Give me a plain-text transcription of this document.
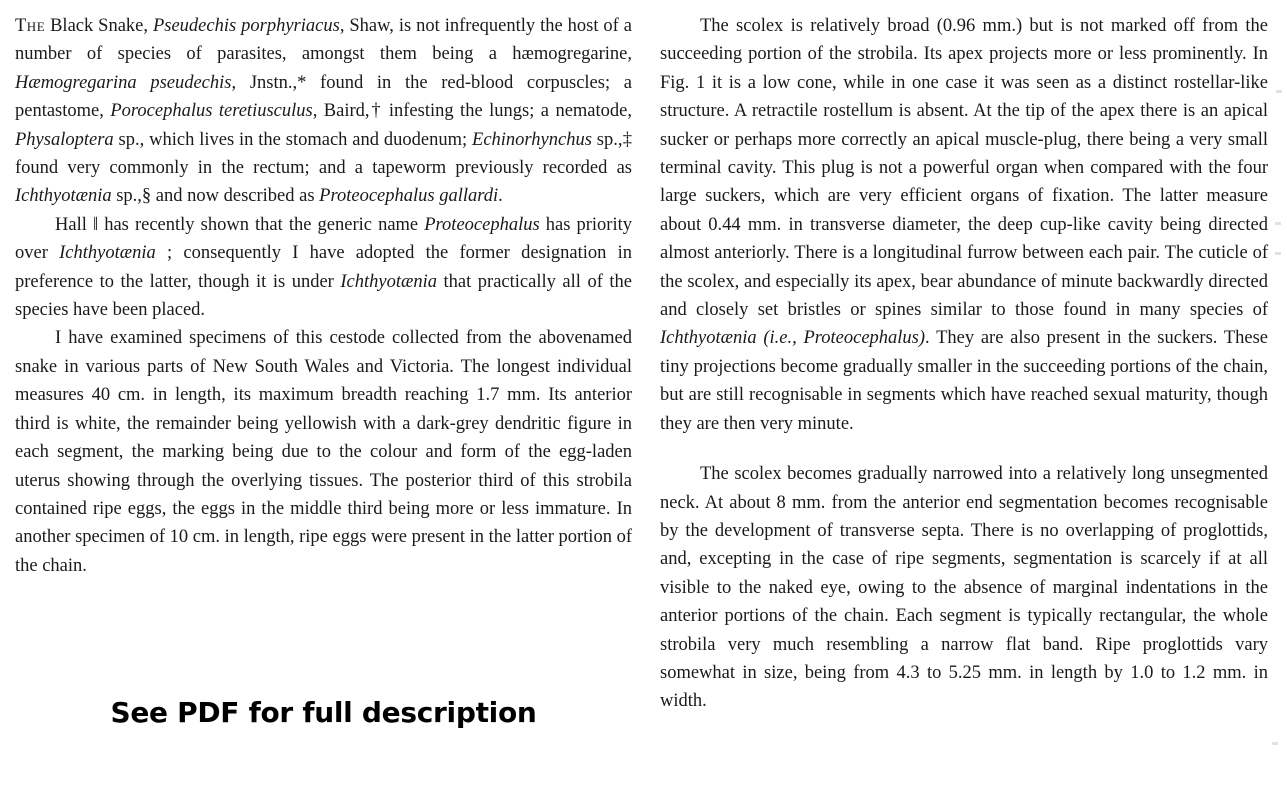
The Black Snake, Pseudechis porphyriacus, Shaw, is not infrequently the host of a number of species of parasites, amongst them being a hæmogregarine, Hæmogregarina pseudechis, Jnstn.,* found in the red-blood corpuscles; a pentastome, Porocephalus teretiusculus, Baird,† infesting the lungs; a nematode, Physaloptera sp., which lives in the stomach and duodenum; Echinorhynchus sp.,‡ found very commonly in the rectum; and a tapeworm previously recorded as Ichthyotænia sp.,§ and now described as Proteocephalus gallardi.

Hall ‖ has recently shown that the generic name Proteocephalus has priority over Ichthyotænia ; consequently I have adopted the former designation in preference to the latter, though it is under Ichthyotænia that practically all of the species have been placed.

I have examined specimens of this cestode collected from the abovenamed snake in various parts of New South Wales and Victoria. The longest individual measures 40 cm. in length, its maximum breadth reaching 1.7 mm. Its anterior third is white, the remainder being yellowish with a dark-grey dendritic figure in each segment, the marking being due to the colour and form of the egg-laden uterus showing through the overlying tissues. The posterior third of this strobila contained ripe eggs, the eggs in the middle third being more or less immature. In another specimen of 10 cm. in length, ripe eggs were present in the latter portion of the chain.

The scolex is relatively broad (0.96 mm.) but is not marked off from the succeeding portion of the strobila. Its apex projects more or less prominently. In Fig. 1 it is a low cone, while in one case it was seen as a distinct rostellar-like structure. A retractile rostellum is absent. At the tip of the apex there is an apical sucker or perhaps more correctly an apical muscle-plug, there being a very small terminal cavity. This plug is not a powerful organ when compared with the four large suckers, which are very efficient organs of fixation. The latter measure about 0.44 mm. in transverse diameter, the deep cup-like cavity being directed almost anteriorly. There is a longitudinal furrow between each pair. The cuticle of the scolex, and especially its apex, bear abundance of minute backwardly directed and closely set bristles or spines similar to those found in many species of Ichthyotænia (i.e., Proteocephalus). They are also present in the suckers. These tiny projections become gradually smaller in the succeeding portions of the chain, but are still recognisable in segments which have reached sexual maturity, though they are then very minute.

The scolex becomes gradually narrowed into a relatively long unsegmented neck. At about 8 mm. from the anterior end segmentation becomes recognisable by the development of transverse septa. There is no overlapping of proglottids, and, excepting in the case of ripe segments, segmentation is scarcely if at all visible to the naked eye, owing to the absence of marginal indentations in the anterior portions of the chain. Each segment is typically rectangular, the whole strobila very much resembling a narrow flat band. Ripe proglottids vary somewhat in size, being from 4.3 to 5.25 mm. in length by 1.0 to 1.2 mm. in width.

See PDF for full description
